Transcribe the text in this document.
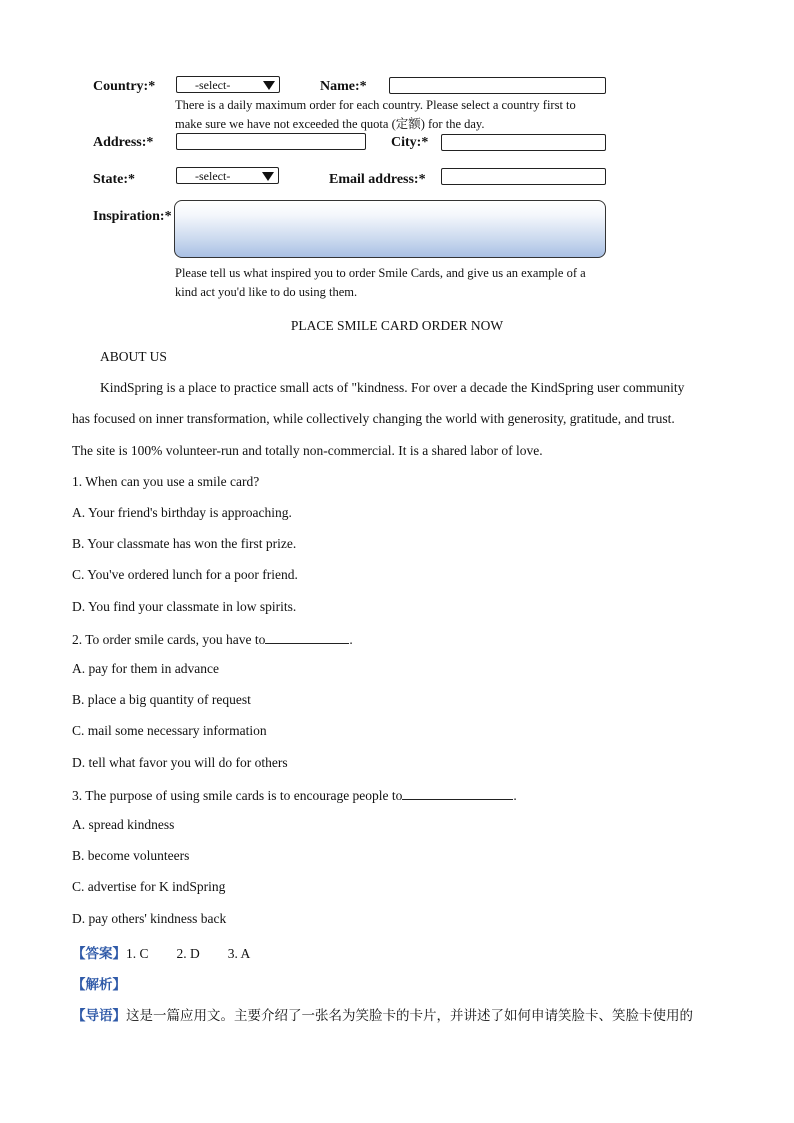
Country:*	-select-	Name:*
There is a daily maximum order for each country. Please select a country first to
make sure we have not exceeded the quota (定额) for the day.
Address:*	City:*
State:*	-select-	Email address:*
Inspiration:*
Please tell us what inspired you to order Smile Cards, and give us an example of a
kind act you'd like to do using them.
PLACE SMILE CARD ORDER NOW
ABOUT US
KindSpring is a place to practice small acts of "kindness. For over a decade the KindSpring user community
has focused on inner transformation, while collectively changing the world with generosity, gratitude, and trust.
The site is 100% volunteer-run and totally non-commercial. It is a shared labor of love.
1. When can you use a smile card?
A. Your friend's birthday is approaching.
B. Your classmate has won the first prize.
C. You've ordered lunch for a poor friend.
D. You find your classmate in low spirits.
2. To order smile cards, you have to	.
A. pay for them in advance
B. place a big quantity of request
C. mail some necessary information
D. tell what favor you will do for others
3. The purpose of using smile cards is to encourage people to	.
A. spread kindness
B. become volunteers
C. advertise for K indSpring
D. pay others' kindness back
【答案】1. C 2. D 3. A
【解析】
【导语】这是一篇应用文。主要介绍了一张名为笑脸卡的卡片，并讲述了如何申请笑脸卡、笑脸卡使用的
